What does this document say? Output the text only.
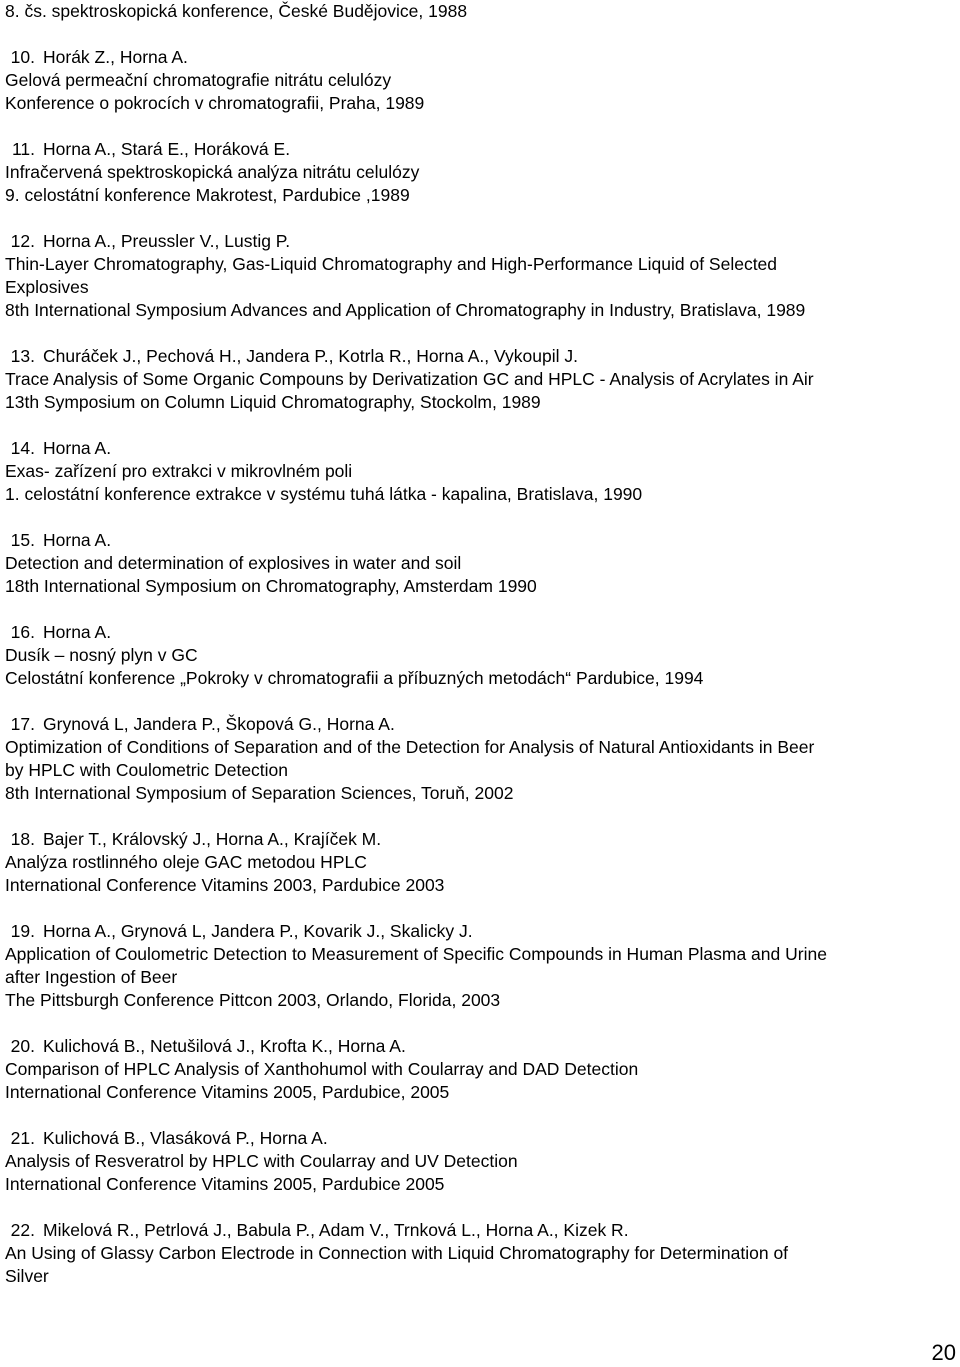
8. čs. spektroskopická konference, České Budějovice, 1988
10. Horák Z., Horna A.
Gelová permeační chromatografie nitrátu celulózy
Konference o pokrocích v chromatografii, Praha, 1989
11. Horna A., Stará E., Horáková E.
Infračervená spektroskopická analýza nitrátu celulózy
9. celostátní konference Makrotest, Pardubice ,1989
12. Horna A., Preussler V., Lustig P.
Thin-Layer Chromatography, Gas-Liquid Chromatography and High-Performance Liquid of Selected
Explosives
8th International Symposium Advances and Application of Chromatography in Industry, Bratislava, 1989
13. Churáček J., Pechová H., Jandera P., Kotrla R., Horna A., Vykoupil J.
Trace Analysis of Some Organic Compouns by Derivatization GC and HPLC - Analysis of Acrylates in Air
13th Symposium on Column Liquid Chromatography, Stockolm, 1989
14. Horna A.
Exas- zařízení pro extrakci v mikrovlném poli
1. celostátní konference extrakce v systému tuhá látka - kapalina, Bratislava, 1990
15. Horna A.
Detection and determination of explosives in water and soil
18th International Symposium on Chromatography, Amsterdam 1990
16. Horna A.
Dusík – nosný plyn v GC
Celostátní konference „Pokroky v chromatografii a příbuzných metodách“ Pardubice, 1994
17. Grynová L, Jandera P., Škopová G., Horna A.
Optimization of Conditions of Separation and of the Detection for Analysis of Natural Antioxidants in Beer
by HPLC with Coulometric Detection
8th International Symposium of Separation Sciences, Toruň, 2002
18. Bajer T., Královský J., Horna A., Krajíček M.
Analýza rostlinného oleje GAC metodou HPLC
International Conference Vitamins 2003, Pardubice 2003
19. Horna A., Grynová L, Jandera P., Kovarik J., Skalicky J.
Application of Coulometric Detection to Measurement of Specific Compounds in Human Plasma and Urine
after Ingestion of Beer
The Pittsburgh Conference Pittcon 2003, Orlando, Florida, 2003
20. Kulichová B., Netušilová J., Krofta K., Horna A.
Comparison of HPLC Analysis of Xanthohumol with Coularray and DAD Detection
International Conference Vitamins 2005, Pardubice, 2005
21. Kulichová B., Vlasáková P., Horna A.
Analysis of Resveratrol by HPLC with Coularray and UV Detection
International Conference Vitamins 2005, Pardubice 2005
22. Mikelová R., Petrlová J., Babula P., Adam V., Trnková L., Horna A., Kizek R.
An Using of Glassy Carbon Electrode in Connection with Liquid Chromatography for Determination of
Silver
20
